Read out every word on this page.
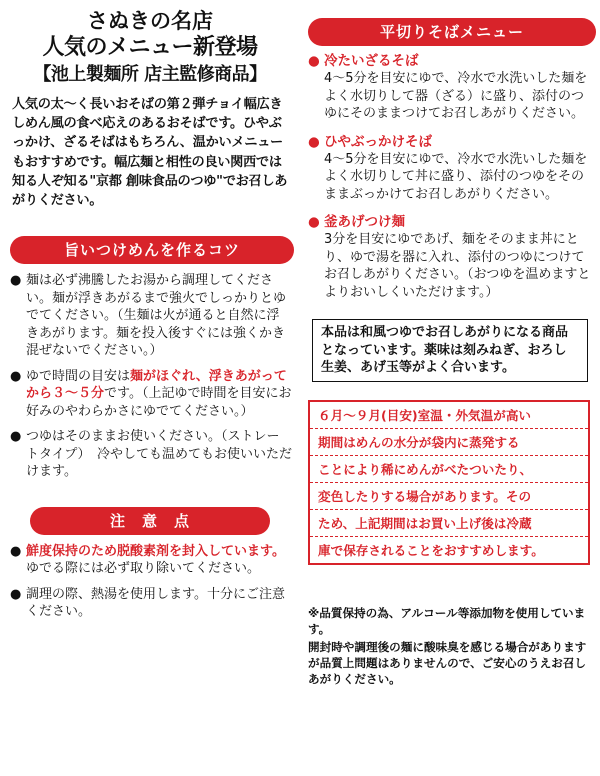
さぬきの名店
人気のメニュー新登場
【池上製麺所 店主監修商品】
人気の太～く長いおそばの第２弾チョイ幅広きしめん風の食べ応えのあるおそばです。ひやぶっかけ、ざるそばはもちろん、温かいメニューもおすすめです。幅広麺と相性の良い関西では知る人ぞ知る"京都 創味食品のつゆ"でお召しあがりください。
旨いつけめんを作るコツ
● 麺は必ず沸騰したお湯から調理してください。麺が浮きあがるまで強火でしっかりとゆでてください。（生麺は火が通ると自然に浮きあがります。麺を投入後すぐには強くかき混ぜないでください。）
● ゆで時間の目安は麺がほぐれ、浮きあがってから３～５分です。（上記ゆで時間を目安にお好みのやわらかさにゆでてください。）
● つゆはそのままお使いください。（ストレートタイプ）　冷やしても温めてもお使いいただけます。
注　意　点
● 鮮度保持のため脱酸素剤を封入しています。ゆでる際には必ず取り除いてください。
● 調理の際、熱湯を使用します。十分にご注意ください。
平切りそばメニュー
● 冷たいざるそば
4～5分を目安にゆで、冷水で水洗いした麺をよく水切りして器（ざる）に盛り、添付のつゆにそのままつけてお召しあがりください。
● ひやぶっかけそば
4～5分を目安にゆで、冷水で水洗いした麺をよく水切りして丼に盛り、添付のつゆをそのままぶっかけてお召しあがりください。
● 釜あげつけ麺
3分を目安にゆであげ、麺をそのまま丼にとり、ゆで湯を器に入れ、添付のつゆにつけてお召しあがりください。（おつゆを温めますとよりおいしくいただけます。）
本品は和風つゆでお召しあがりになる商品となっています。薬味は刻みねぎ、おろし生姜、あげ玉等がよく合います。
６月～９月(目安)室温・外気温が高い
期間はめんの水分が袋内に蒸発する
ことにより稀にめんがべたついたり、
変色したりする場合があります。その
ため、上記期間はお買い上げ後は冷蔵
庫で保存されることをおすすめします。
※品質保持の為、アルコール等添加物を使用しています。
開封時や調理後の麺に酸味臭を感じる場合がありますが品質上問題はありませんので、ご安心のうえお召しあがりください。
